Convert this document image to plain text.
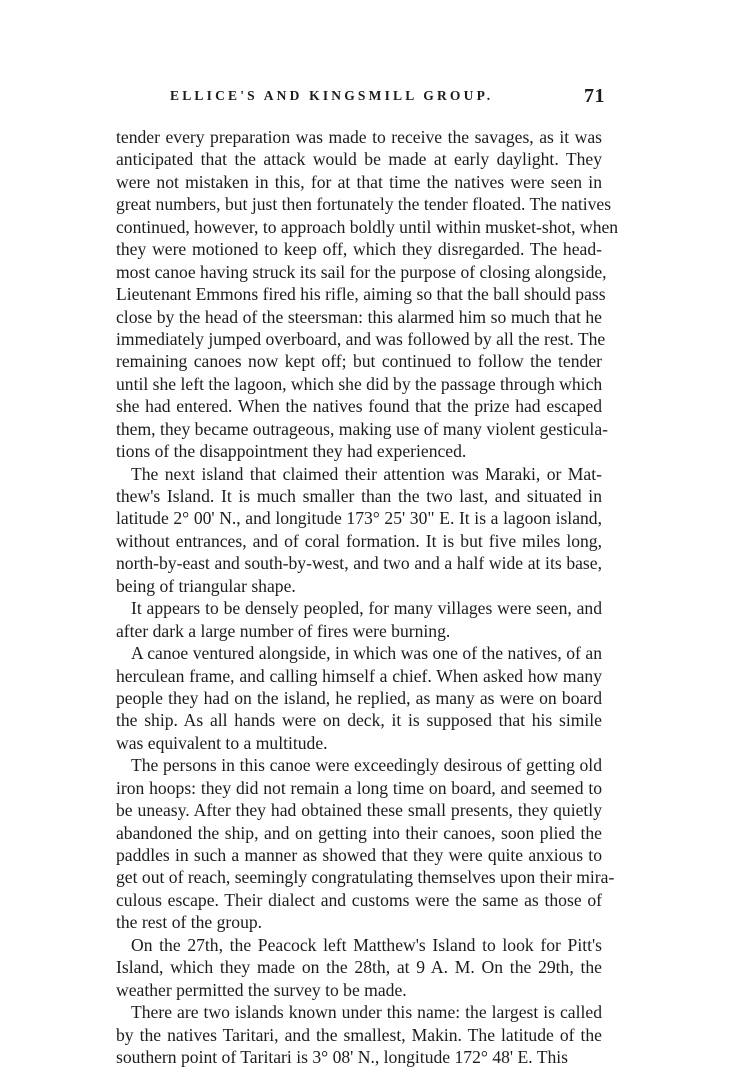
ELLICE'S AND KINGSMILL GROUP.	71
tender every preparation was made to receive the savages, as it was
anticipated that the attack would be made at early daylight. They
were not mistaken in this, for at that time the natives were seen in
great numbers, but just then fortunately the tender floated. The natives
continued, however, to approach boldly until within musket-shot, when
they were motioned to keep off, which they disregarded. The head-
most canoe having struck its sail for the purpose of closing alongside,
Lieutenant Emmons fired his rifle, aiming so that the ball should pass
close by the head of the steersman: this alarmed him so much that he
immediately jumped overboard, and was followed by all the rest. The
remaining canoes now kept off; but continued to follow the tender
until she left the lagoon, which she did by the passage through which
she had entered. When the natives found that the prize had escaped
them, they became outrageous, making use of many violent gesticula-
tions of the disappointment they had experienced.
The next island that claimed their attention was Maraki, or Mat-
thew's Island. It is much smaller than the two last, and situated in
latitude 2° 00' N., and longitude 173° 25' 30" E. It is a lagoon island,
without entrances, and of coral formation. It is but five miles long,
north-by-east and south-by-west, and two and a half wide at its base,
being of triangular shape.
It appears to be densely peopled, for many villages were seen, and
after dark a large number of fires were burning.
A canoe ventured alongside, in which was one of the natives, of an
herculean frame, and calling himself a chief. When asked how many
people they had on the island, he replied, as many as were on board
the ship. As all hands were on deck, it is supposed that his simile
was equivalent to a multitude.
The persons in this canoe were exceedingly desirous of getting old
iron hoops: they did not remain a long time on board, and seemed to
be uneasy. After they had obtained these small presents, they quietly
abandoned the ship, and on getting into their canoes, soon plied the
paddles in such a manner as showed that they were quite anxious to
get out of reach, seemingly congratulating themselves upon their mira-
culous escape. Their dialect and customs were the same as those of
the rest of the group.
On the 27th, the Peacock left Matthew's Island to look for Pitt's
Island, which they made on the 28th, at 9 A. M. On the 29th, the
weather permitted the survey to be made.
There are two islands known under this name: the largest is called
by the natives Taritari, and the smallest, Makin. The latitude of the
southern point of Taritari is 3° 08' N., longitude 172° 48' E. This
